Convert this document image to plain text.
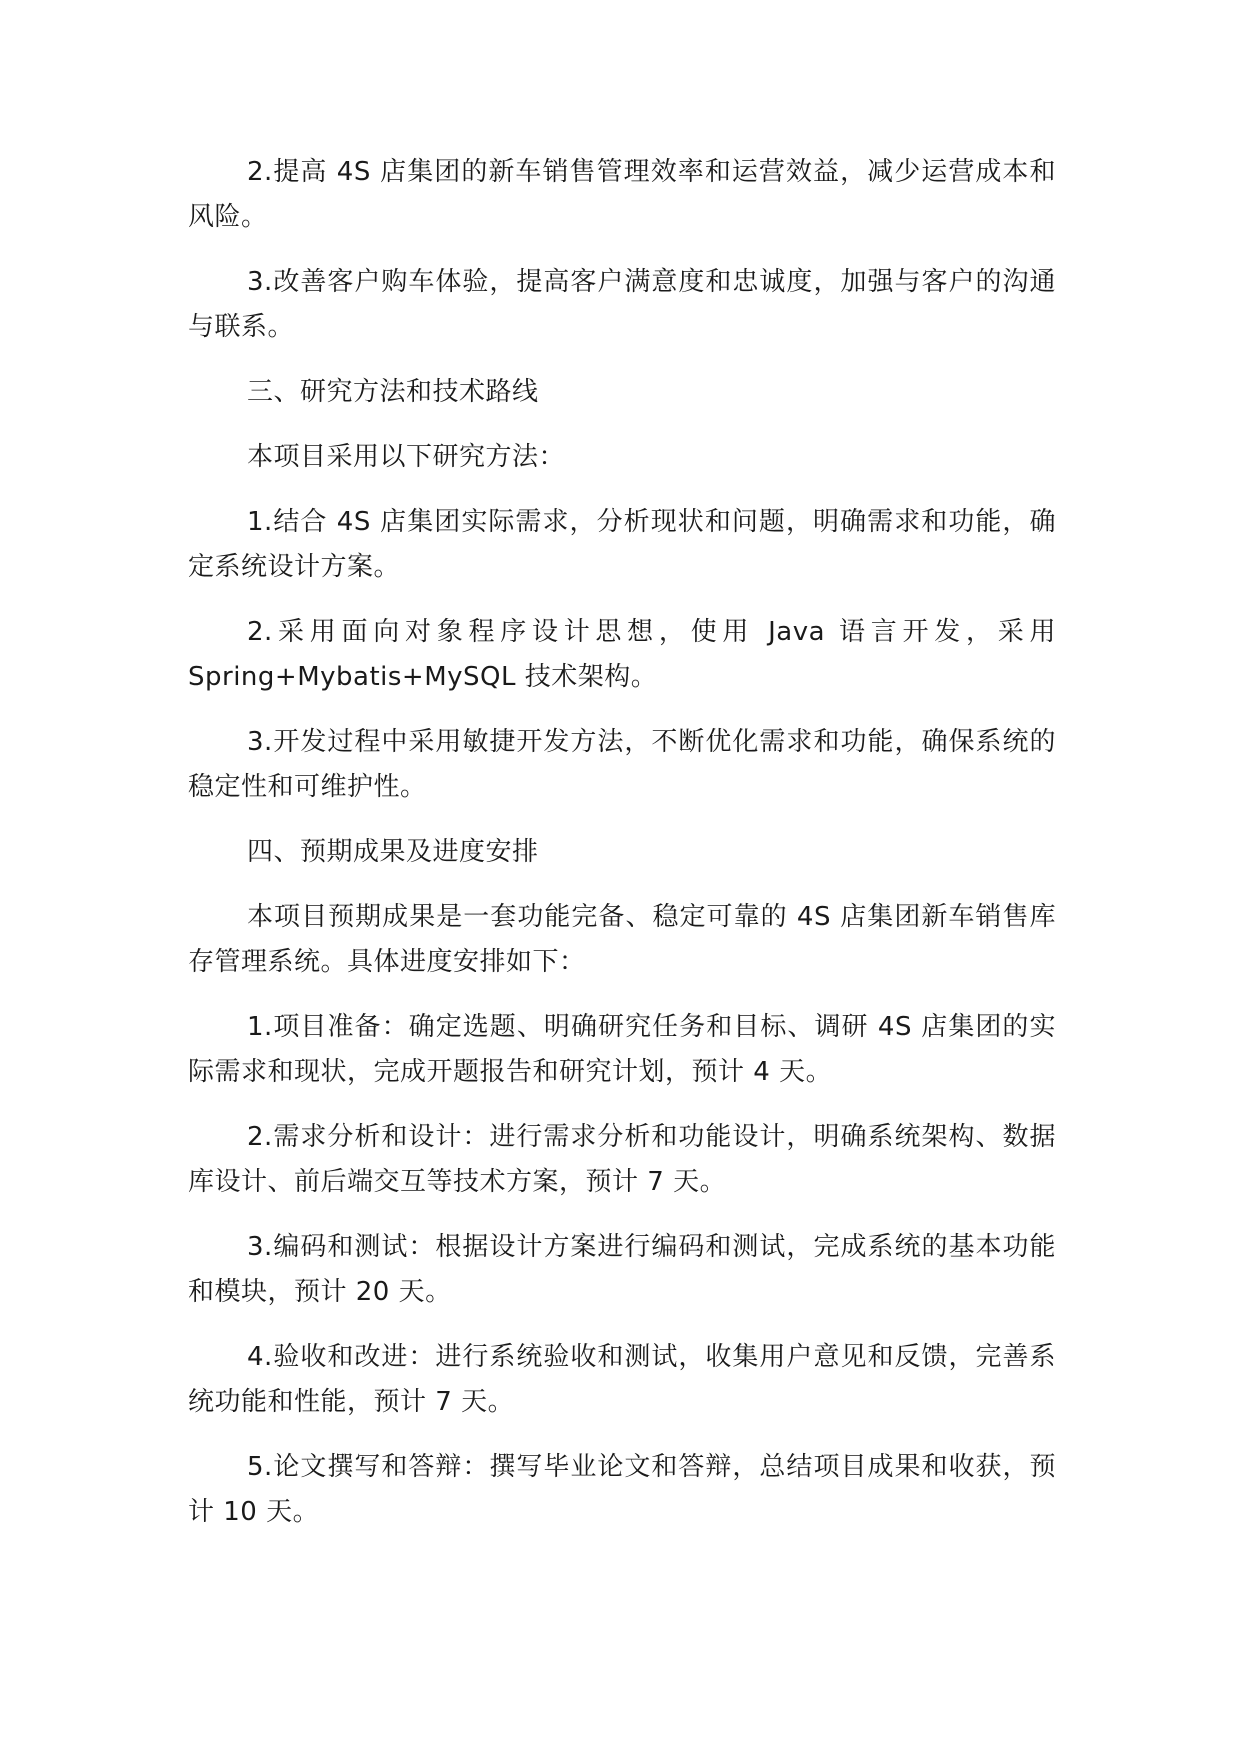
2.提高 4S 店集团的新车销售管理效率和运营效益，减少运营成本和风险。

3.改善客户购车体验，提高客户满意度和忠诚度，加强与客户的沟通与联系。

三、研究方法和技术路线

本项目采用以下研究方法：

1.结合 4S 店集团实际需求，分析现状和问题，明确需求和功能，确定系统设计方案。

2.采用面向对象程序设计思想，使用 Java 语言开发，采用 Spring+Mybatis+MySQL 技术架构。

3.开发过程中采用敏捷开发方法，不断优化需求和功能，确保系统的稳定性和可维护性。

四、预期成果及进度安排

本项目预期成果是一套功能完备、稳定可靠的 4S 店集团新车销售库存管理系统。具体进度安排如下：

1.项目准备：确定选题、明确研究任务和目标、调研 4S 店集团的实际需求和现状，完成开题报告和研究计划，预计 4 天。

2.需求分析和设计：进行需求分析和功能设计，明确系统架构、数据库设计、前后端交互等技术方案，预计 7 天。

3.编码和测试：根据设计方案进行编码和测试，完成系统的基本功能和模块，预计 20 天。

4.验收和改进：进行系统验收和测试，收集用户意见和反馈，完善系统功能和性能，预计 7 天。

5.论文撰写和答辩：撰写毕业论文和答辩，总结项目成果和收获，预计 10 天。
